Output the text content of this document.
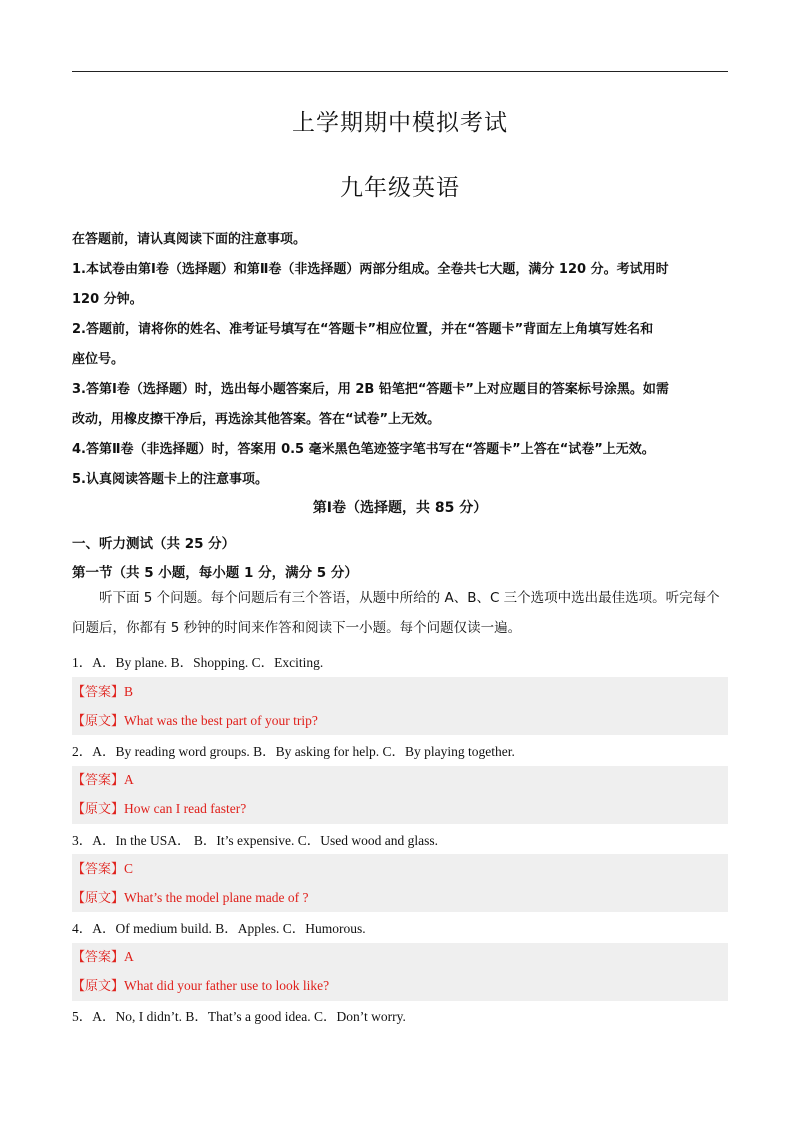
上学期期中模拟考试
九年级英语

在答题前，请认真阅读下面的注意事项。

1.本试卷由第Ⅰ卷（选择题）和第Ⅱ卷（非选择题）两部分组成。全卷共七大题，满分 120 分。考试用时

120 分钟。

2.答题前，请将你的姓名、准考证号填写在“答题卡”相应位置，并在“答题卡”背面左上角填写姓名和

座位号。

3.答第Ⅰ卷（选择题）时，选出每小题答案后，用 2B 铅笔把“答题卡”上对应题目的答案标号涂黑。如需

改动，用橡皮擦干净后，再选涂其他答案。答在“试卷”上无效。

4.答第Ⅱ卷（非选择题）时，答案用 0.5 毫米黑色笔迹签字笔书写在“答题卡”上答在“试卷”上无效。

5.认真阅读答题卡上的注意事项。

第Ⅰ卷（选择题，共 85 分）
一、听力测试（共 25 分）
第一节（共 5 小题，每小题 1 分，满分 5 分）
听下面 5 个问题。每个问题后有三个答语，从题中所给的 A、B、C 三个选项中选出最佳选项。听完每个问题后，你都有 5 秒钟的时间来作答和阅读下一小题。每个问题仅读一遍。
1．A．By plane. B．Shopping. C．Exciting.
【答案】B
【原文】What was the best part of your trip?
2．A．By reading word groups. B．By asking for help. C．By playing together.
【答案】A
【原文】How can I read faster?
3．A．In the USA． B．It’s expensive. C．Used wood and glass.
【答案】C
【原文】What’s the model plane made of ?
4．A．Of medium build. B．Apples. C．Humorous.
【答案】A
【原文】What did your father use to look like?
5．A．No, I didn’t. B．That’s a good idea. C．Don’t worry.
